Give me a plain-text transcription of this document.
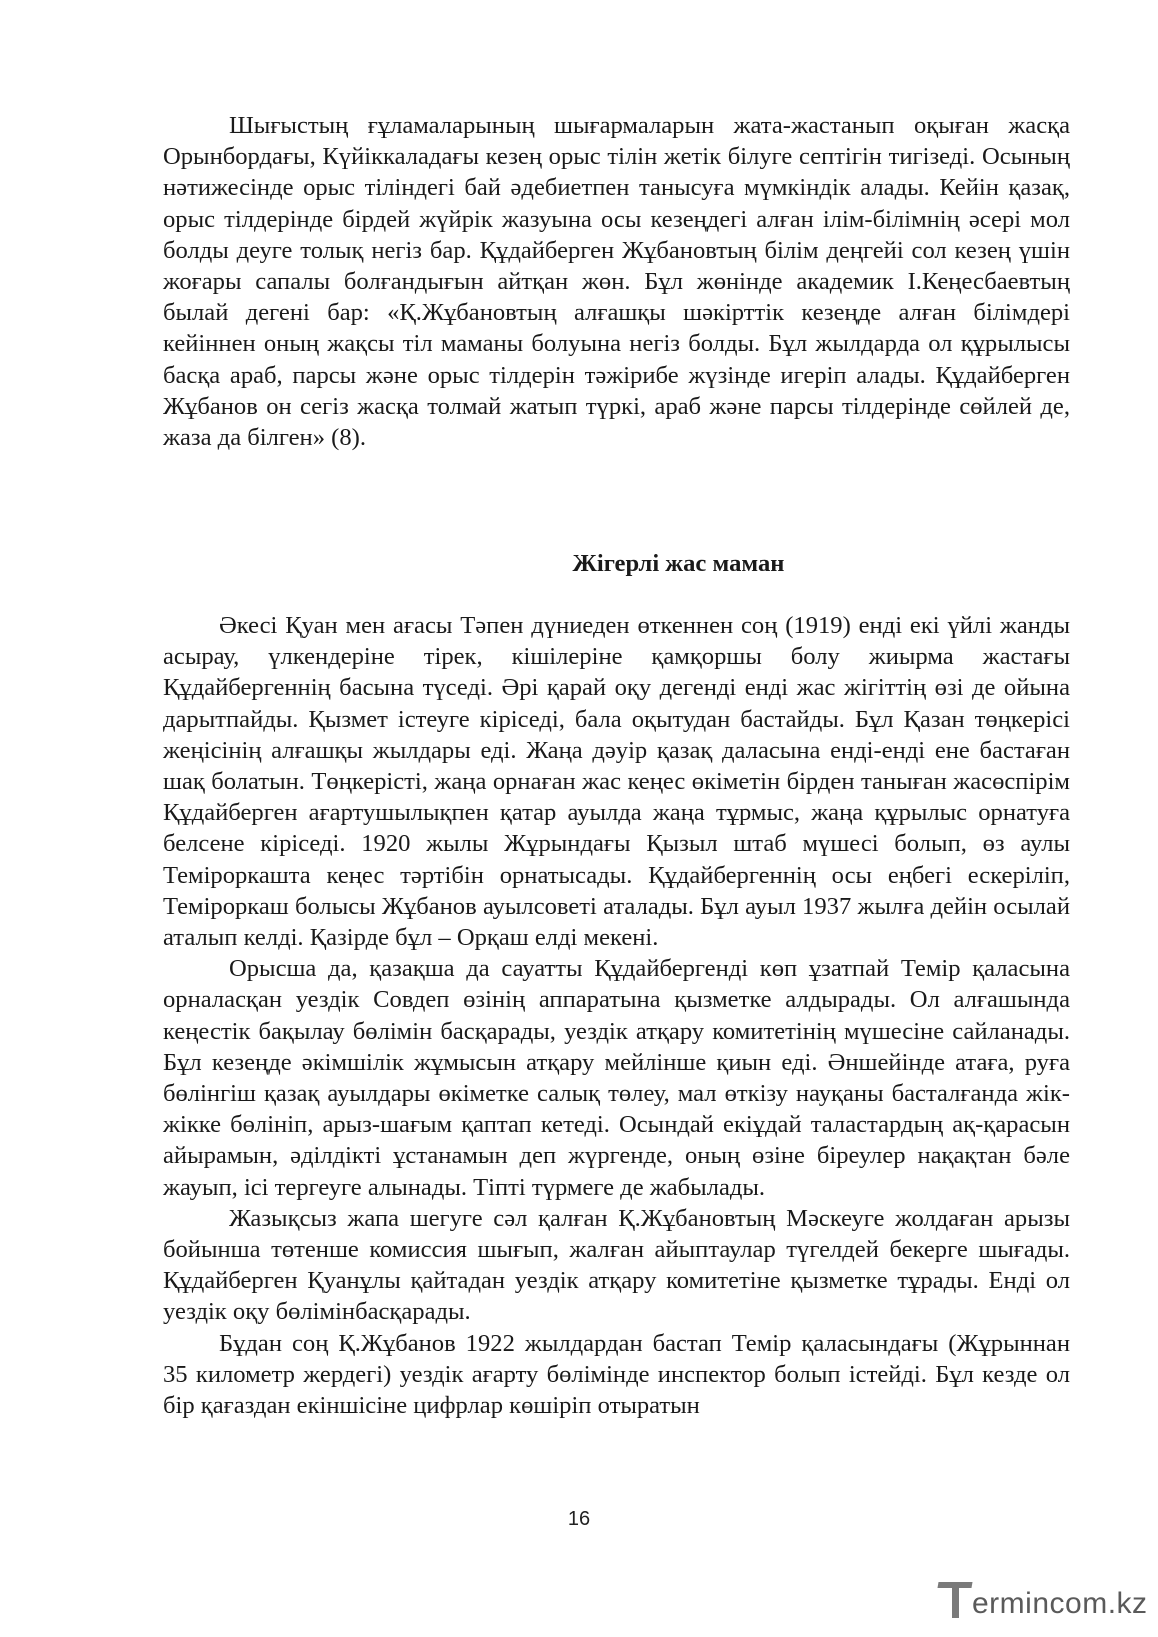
Шығыстың ғұламаларының шығармаларын жата-жастанып оқыған жасқа Орынбордағы, Күйіккаладағы кезең орыс тілін жетік білуге септігін тигізеді. Осының нәтижесінде орыс тіліндегі бай әдебиетпен танысуға мүмкіндік алады. Кейін қазақ, орыс тілдерінде бірдей жүйрік жазуына осы кезеңдегі алған ілім-білімнің әсері мол болды деуге толық негіз бар. Құдайберген Жұбановтың білім деңгейі сол кезең үшін жоғары сапалы болғандығын айтқан жөн. Бұл жөнінде академик І.Кеңесбаевтың былай дегені бар: «Қ.Жұбановтың алғашқы шәкірттік кезеңде алған білімдері кейіннен оның жақсы тіл маманы болуына негіз болды. Бұл жылдарда ол құрылысы басқа араб, парсы және орыс тілдерін тәжірибе жүзінде игеріп алады. Құдайберген Жұбанов он сегіз жасқа толмай жатып түркі, араб және парсы тілдерінде сөйлей де, жаза да білген» (8).

Жігерлі жас маман

Әкесі Қуан мен ағасы Тәпен дүниеден өткеннен соң (1919) енді екі үйлі жанды асырау, үлкендеріне тірек, кішілеріне қамқоршы болу жиырма жастағы Құдайбергеннің басына түседі. Әрі қарай оқу дегенді енді жас жігіттің өзі де ойына дарытпайды. Қызмет істеуге кіріседі, бала оқытудан бастайды. Бұл Қазан төңкерісі жеңісінің алғашқы жылдары еді. Жаңа дәуір қазақ даласына енді-енді ене бастаған шақ болатын. Төңкерісті, жаңа орнаған жас кеңес өкіметін бірден таныған жасөспірім Құдайберген ағартушылықпен қатар ауылда жаңа тұрмыс, жаңа құрылыс орнатуға белсене кіріседі. 1920 жылы Жұрындағы Қызыл штаб мүшесі болып, өз аулы Теміроркашта кеңес тәртібін орнатысады. Құдайбергеннің осы еңбегі ескеріліп, Теміроркаш болысы Жұбанов ауылсоветі аталады. Бұл ауыл 1937 жылға дейін осылай аталып келді. Қазірде бұл – Орқаш елді мекені.

Орысша да, қазақша да сауатты Құдайбергенді көп ұзатпай Темір қаласына орналасқан уездік Совдеп өзінің аппаратына қызметке алдырады. Ол алғашында кеңестік бақылау бөлімін басқарады, уездік атқару комитетінің мүшесіне сайланады. Бұл кезеңде әкімшілік жұмысын атқару мейлінше қиын еді. Әншейінде атаға, руға бөлінгіш қазақ ауылдары өкіметке салық төлеу, мал өткізу науқаны басталғанда жік-жікке бөлініп, арыз-шағым қаптап кетеді. Осындай екіұдай таластардың ақ-қарасын айырамын, әділдікті ұстанамын деп жүргенде, оның өзіне біреулер нақақтан бәле жауып, ісі тергеуге алынады. Тіпті түрмеге де жабылады.

Жазықсыз жапа шегуге сәл қалған Қ.Жұбановтың Мәскеуге жолдаған арызы бойынша төтенше комиссия шығып, жалған айыптаулар түгелдей бекерге шығады. Құдайберген Қуанұлы қайтадан уездік атқару комитетіне қызметке тұрады. Енді ол уездік оқу бөлімінбасқарады.

Бұдан соң Қ.Жұбанов 1922 жылдардан бастап Темір қаласындағы (Жұрыннан 35 километр жердегі) уездік ағарту бөлімінде инспектор болып істейді. Бұл кезде ол бір қағаздан екіншісіне цифрлар көшіріп отыратын

16
ermincom.kz
